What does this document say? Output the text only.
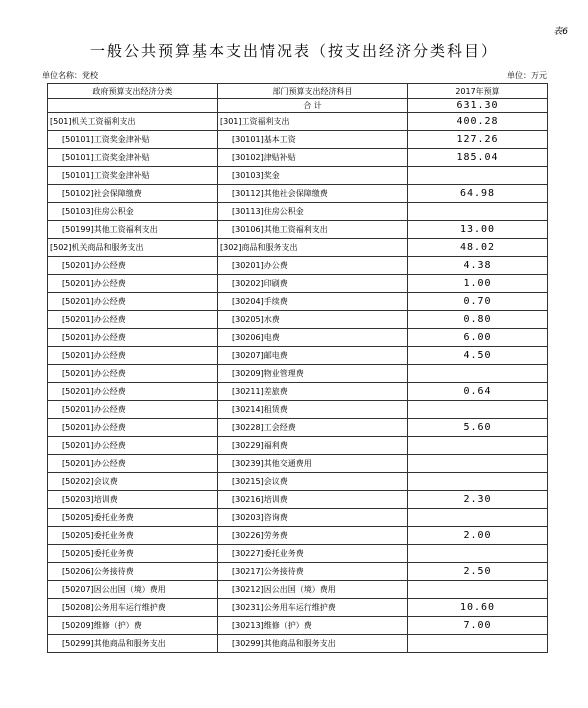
表6
一般公共预算基本支出情况表（按支出经济分类科目）
单位名称：党校	单位：万元
政府预算支出经济分类	部门预算支出经济科目	2017年预算
	合 计	631.30
[501]机关工资福利支出	[301]工资福利支出	400.28
[50101]工资奖金津补贴	[30101]基本工资	127.26
[50101]工资奖金津补贴	[30102]津贴补贴	185.04
[50101]工资奖金津补贴	[30103]奖金	
[50102]社会保障缴费	[30112]其他社会保障缴费	64.98
[50103]住房公积金	[30113]住房公积金	
[50199]其他工资福利支出	[30106]其他工资福利支出	13.00
[502]机关商品和服务支出	[302]商品和服务支出	48.02
[50201]办公经费	[30201]办公费	4.38
[50201]办公经费	[30202]印刷费	1.00
[50201]办公经费	[30204]手续费	0.70
[50201]办公经费	[30205]水费	0.80
[50201]办公经费	[30206]电费	6.00
[50201]办公经费	[30207]邮电费	4.50
[50201]办公经费	[30209]物业管理费	
[50201]办公经费	[30211]差旅费	0.64
[50201]办公经费	[30214]租赁费	
[50201]办公经费	[30228]工会经费	5.60
[50201]办公经费	[30229]福利费	
[50201]办公经费	[30239]其他交通费用	
[50202]会议费	[30215]会议费	
[50203]培训费	[30216]培训费	2.30
[50205]委托业务费	[30203]咨询费	
[50205]委托业务费	[30226]劳务费	2.00
[50205]委托业务费	[30227]委托业务费	
[50206]公务接待费	[30217]公务接待费	2.50
[50207]因公出国（境）费用	[30212]因公出国（境）费用	
[50208]公务用车运行维护费	[30231]公务用车运行维护费	10.60
[50209]维修（护）费	[30213]维修（护）费	7.00
[50299]其他商品和服务支出	[30299]其他商品和服务支出	
